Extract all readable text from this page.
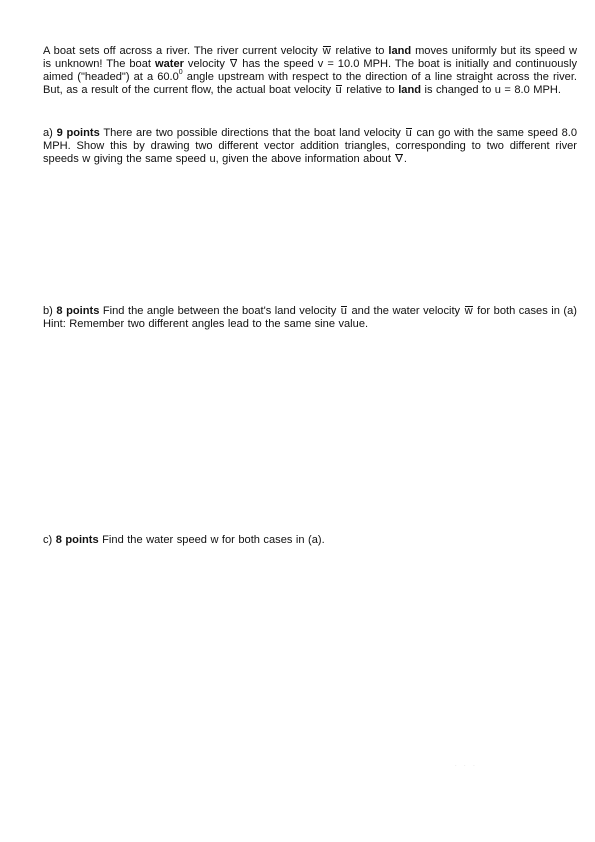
A boat sets off across a river. The river current velocity w relative to land moves uniformly but its speed w is unknown! The boat water velocity V has the speed v = 10.0 MPH. The boat is initially and continuously aimed ("headed") at a 60.0$^0$ angle upstream with respect to the direction of a line straight across the river. But, as a result of the current flow, the actual boat velocity u relative to land is changed to u = 8.0 MPH.

a) 9 points There are two possible directions that the boat land velocity u can go with the same speed 8.0 MPH. Show this by drawing two different vector addition triangles, corresponding to two different river speeds w giving the same speed u, given the above information about V.

b) 8 points Find the angle between the boat's land velocity u and the water velocity w for both cases in (a) Hint: Remember two different angles lead to the same sine value.

c) 8 points Find the water speed w for both cases in (a).

· · ·
